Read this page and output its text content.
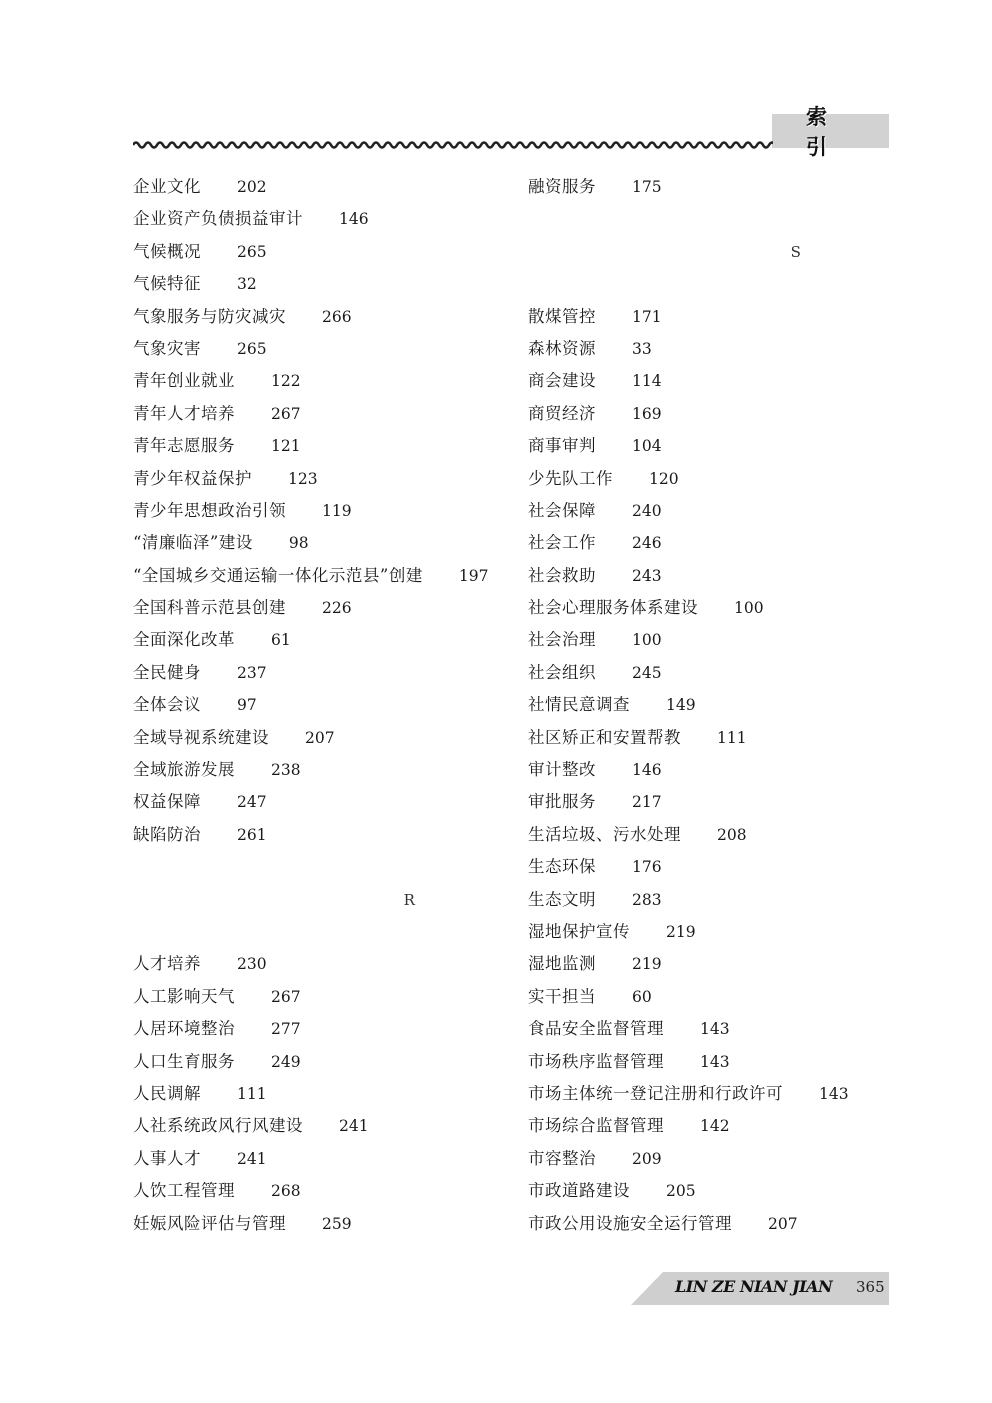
索 引
企业文化 202
企业资产负债损益审计 146
气候概况 265
气候特征 32
气象服务与防灾减灾 266
气象灾害 265
青年创业就业 122
青年人才培养 267
青年志愿服务 121
青少年权益保护 123
青少年思想政治引领 119
“清廉临泽”建设 98
“全国城乡交通运输一体化示范县”创建 197
全国科普示范县创建 226
全面深化改革 61
全民健身 237
全体会议 97
全域导视系统建设 207
全域旅游发展 238
权益保障 247
缺陷防治 261
R
人才培养 230
人工影响天气 267
人居环境整治 277
人口生育服务 249
人民调解 111
人社系统政风行风建设 241
人事人才 241
人饮工程管理 268
妊娠风险评估与管理 259
融资服务 175
S
散煤管控 171
森林资源 33
商会建设 114
商贸经济 169
商事审判 104
少先队工作 120
社会保障 240
社会工作 246
社会救助 243
社会心理服务体系建设 100
社会治理 100
社会组织 245
社情民意调查 149
社区矫正和安置帮教 111
审计整改 146
审批服务 217
生活垃圾、污水处理 208
生态环保 176
生态文明 283
湿地保护宣传 219
湿地监测 219
实干担当 60
食品安全监督管理 143
市场秩序监督管理 143
市场主体统一登记注册和行政许可 143
市场综合监督管理 142
市容整治 209
市政道路建设 205
市政公用设施安全运行管理 207
LIN ZE NIAN JIAN 365
